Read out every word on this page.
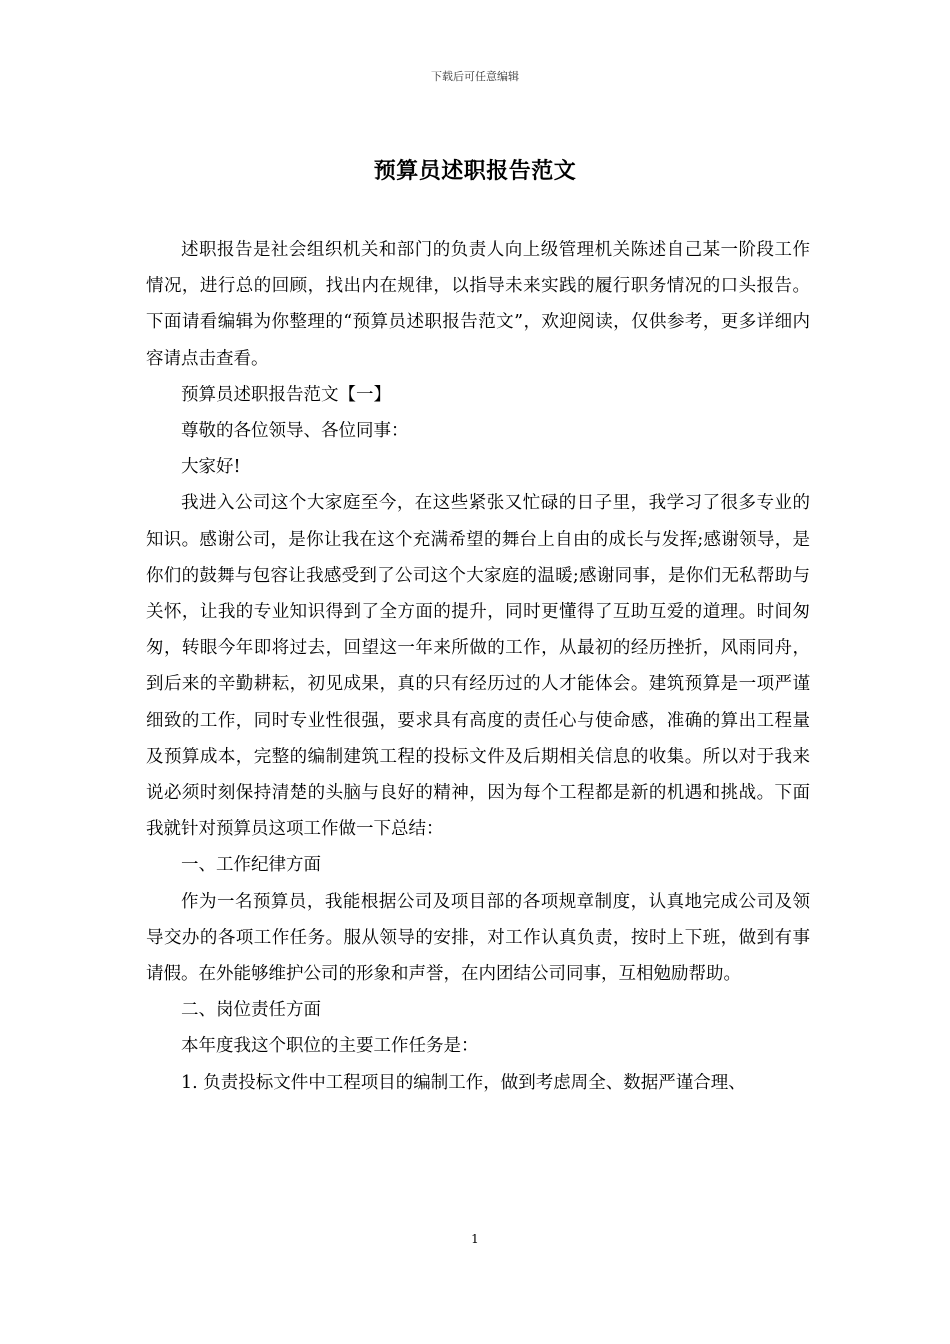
下载后可任意编辑
预算员述职报告范文

述职报告是社会组织机关和部门的负责人向上级管理机关陈述自己某一阶段工作情况，进行总的回顾，找出内在规律，以指导未来实践的履行职务情况的口头报告。下面请看编辑为你整理的“预算员述职报告范文”，欢迎阅读，仅供参考，更多详细内容请点击查看。

预算员述职报告范文【一】

尊敬的各位领导、各位同事：

大家好!

我进入公司这个大家庭至今，在这些紧张又忙碌的日子里，我学习了很多专业的知识。感谢公司，是你让我在这个充满希望的舞台上自由的成长与发挥;感谢领导，是你们的鼓舞与包容让我感受到了公司这个大家庭的温暖;感谢同事，是你们无私帮助与关怀，让我的专业知识得到了全方面的提升，同时更懂得了互助互爱的道理。时间匆匆，转眼今年即将过去，回望这一年来所做的工作，从最初的经历挫折，风雨同舟，到后来的辛勤耕耘，初见成果，真的只有经历过的人才能体会。建筑预算是一项严谨细致的工作，同时专业性很强，要求具有高度的责任心与使命感，准确的算出工程量及预算成本，完整的编制建筑工程的投标文件及后期相关信息的收集。所以对于我来说必须时刻保持清楚的头脑与良好的精神，因为每个工程都是新的机遇和挑战。下面我就针对预算员这项工作做一下总结：

一、工作纪律方面

作为一名预算员，我能根据公司及项目部的各项规章制度，认真地完成公司及领导交办的各项工作任务。服从领导的安排，对工作认真负责，按时上下班，做到有事请假。在外能够维护公司的形象和声誉，在内团结公司同事，互相勉励帮助。

二、岗位责任方面

本年度我这个职位的主要工作任务是：

1. 负责投标文件中工程项目的编制工作，做到考虑周全、数据严谨合理、

1
